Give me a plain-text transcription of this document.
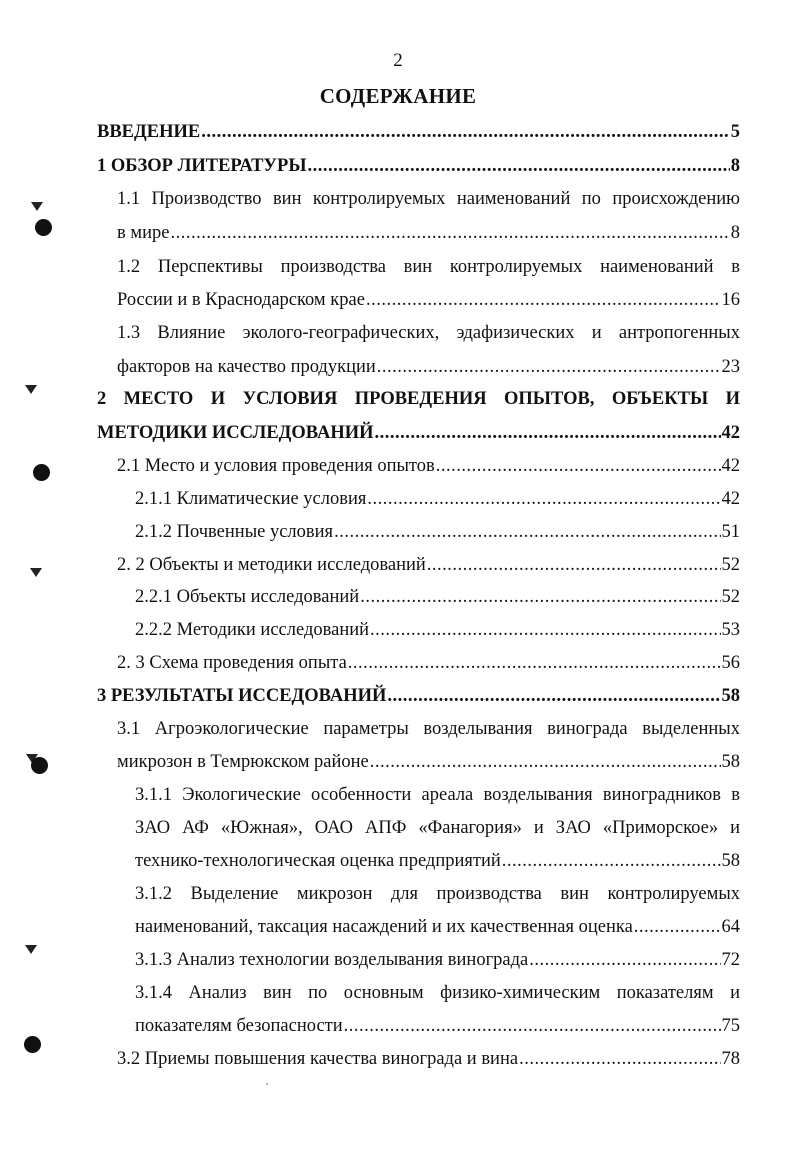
2
СОДЕРЖАНИЕ
ВВЕДЕНИЕ .....	5
1 ОБЗОР ЛИТЕРАТУРЫ .....	8
1.1 Производство вин контролируемых наименований по происхождению
в мире .....	8
1.2 Перспективы производства вин контролируемых наименований в
России и в Краснодарском крае .....	16
1.3 Влияние эколого-географических, эдафизических и антропогенных
факторов на качество продукции .....	23
2 МЕСТО И УСЛОВИЯ ПРОВЕДЕНИЯ ОПЫТОВ, ОБЪЕКТЫ И
МЕТОДИКИ ИССЛЕДОВАНИЙ .....	42
2.1 Место и условия проведения опытов .....	42
2.1.1 Климатические условия .....	42
2.1.2 Почвенные условия .....	51
2. 2 Объекты и методики исследований .....	52
2.2.1 Объекты исследований .....	52
2.2.2 Методики исследований .....	53
2. 3 Схема проведения опыта .....	56
3 РЕЗУЛЬТАТЫ ИССЕДОВАНИЙ .....	58
3.1 Агроэкологические параметры возделывания винограда выделенных
микрозон в Темрюкском районе .....	58
3.1.1 Экологические особенности ареала возделывания виноградников в
ЗАО АФ «Южная», ОАО АПФ «Фанагория» и ЗАО «Приморское» и
технико-технологическая оценка предприятий .....	58
3.1.2 Выделение микрозон для производства вин контролируемых
наименований, таксация насаждений и их качественная оценка .....	64
3.1.3 Анализ технологии возделывания винограда .....	72
3.1.4 Анализ вин по основным физико-химическим показателям и
показателям безопасности .....	75
3.2 Приемы повышения качества винограда и вина .....	78
